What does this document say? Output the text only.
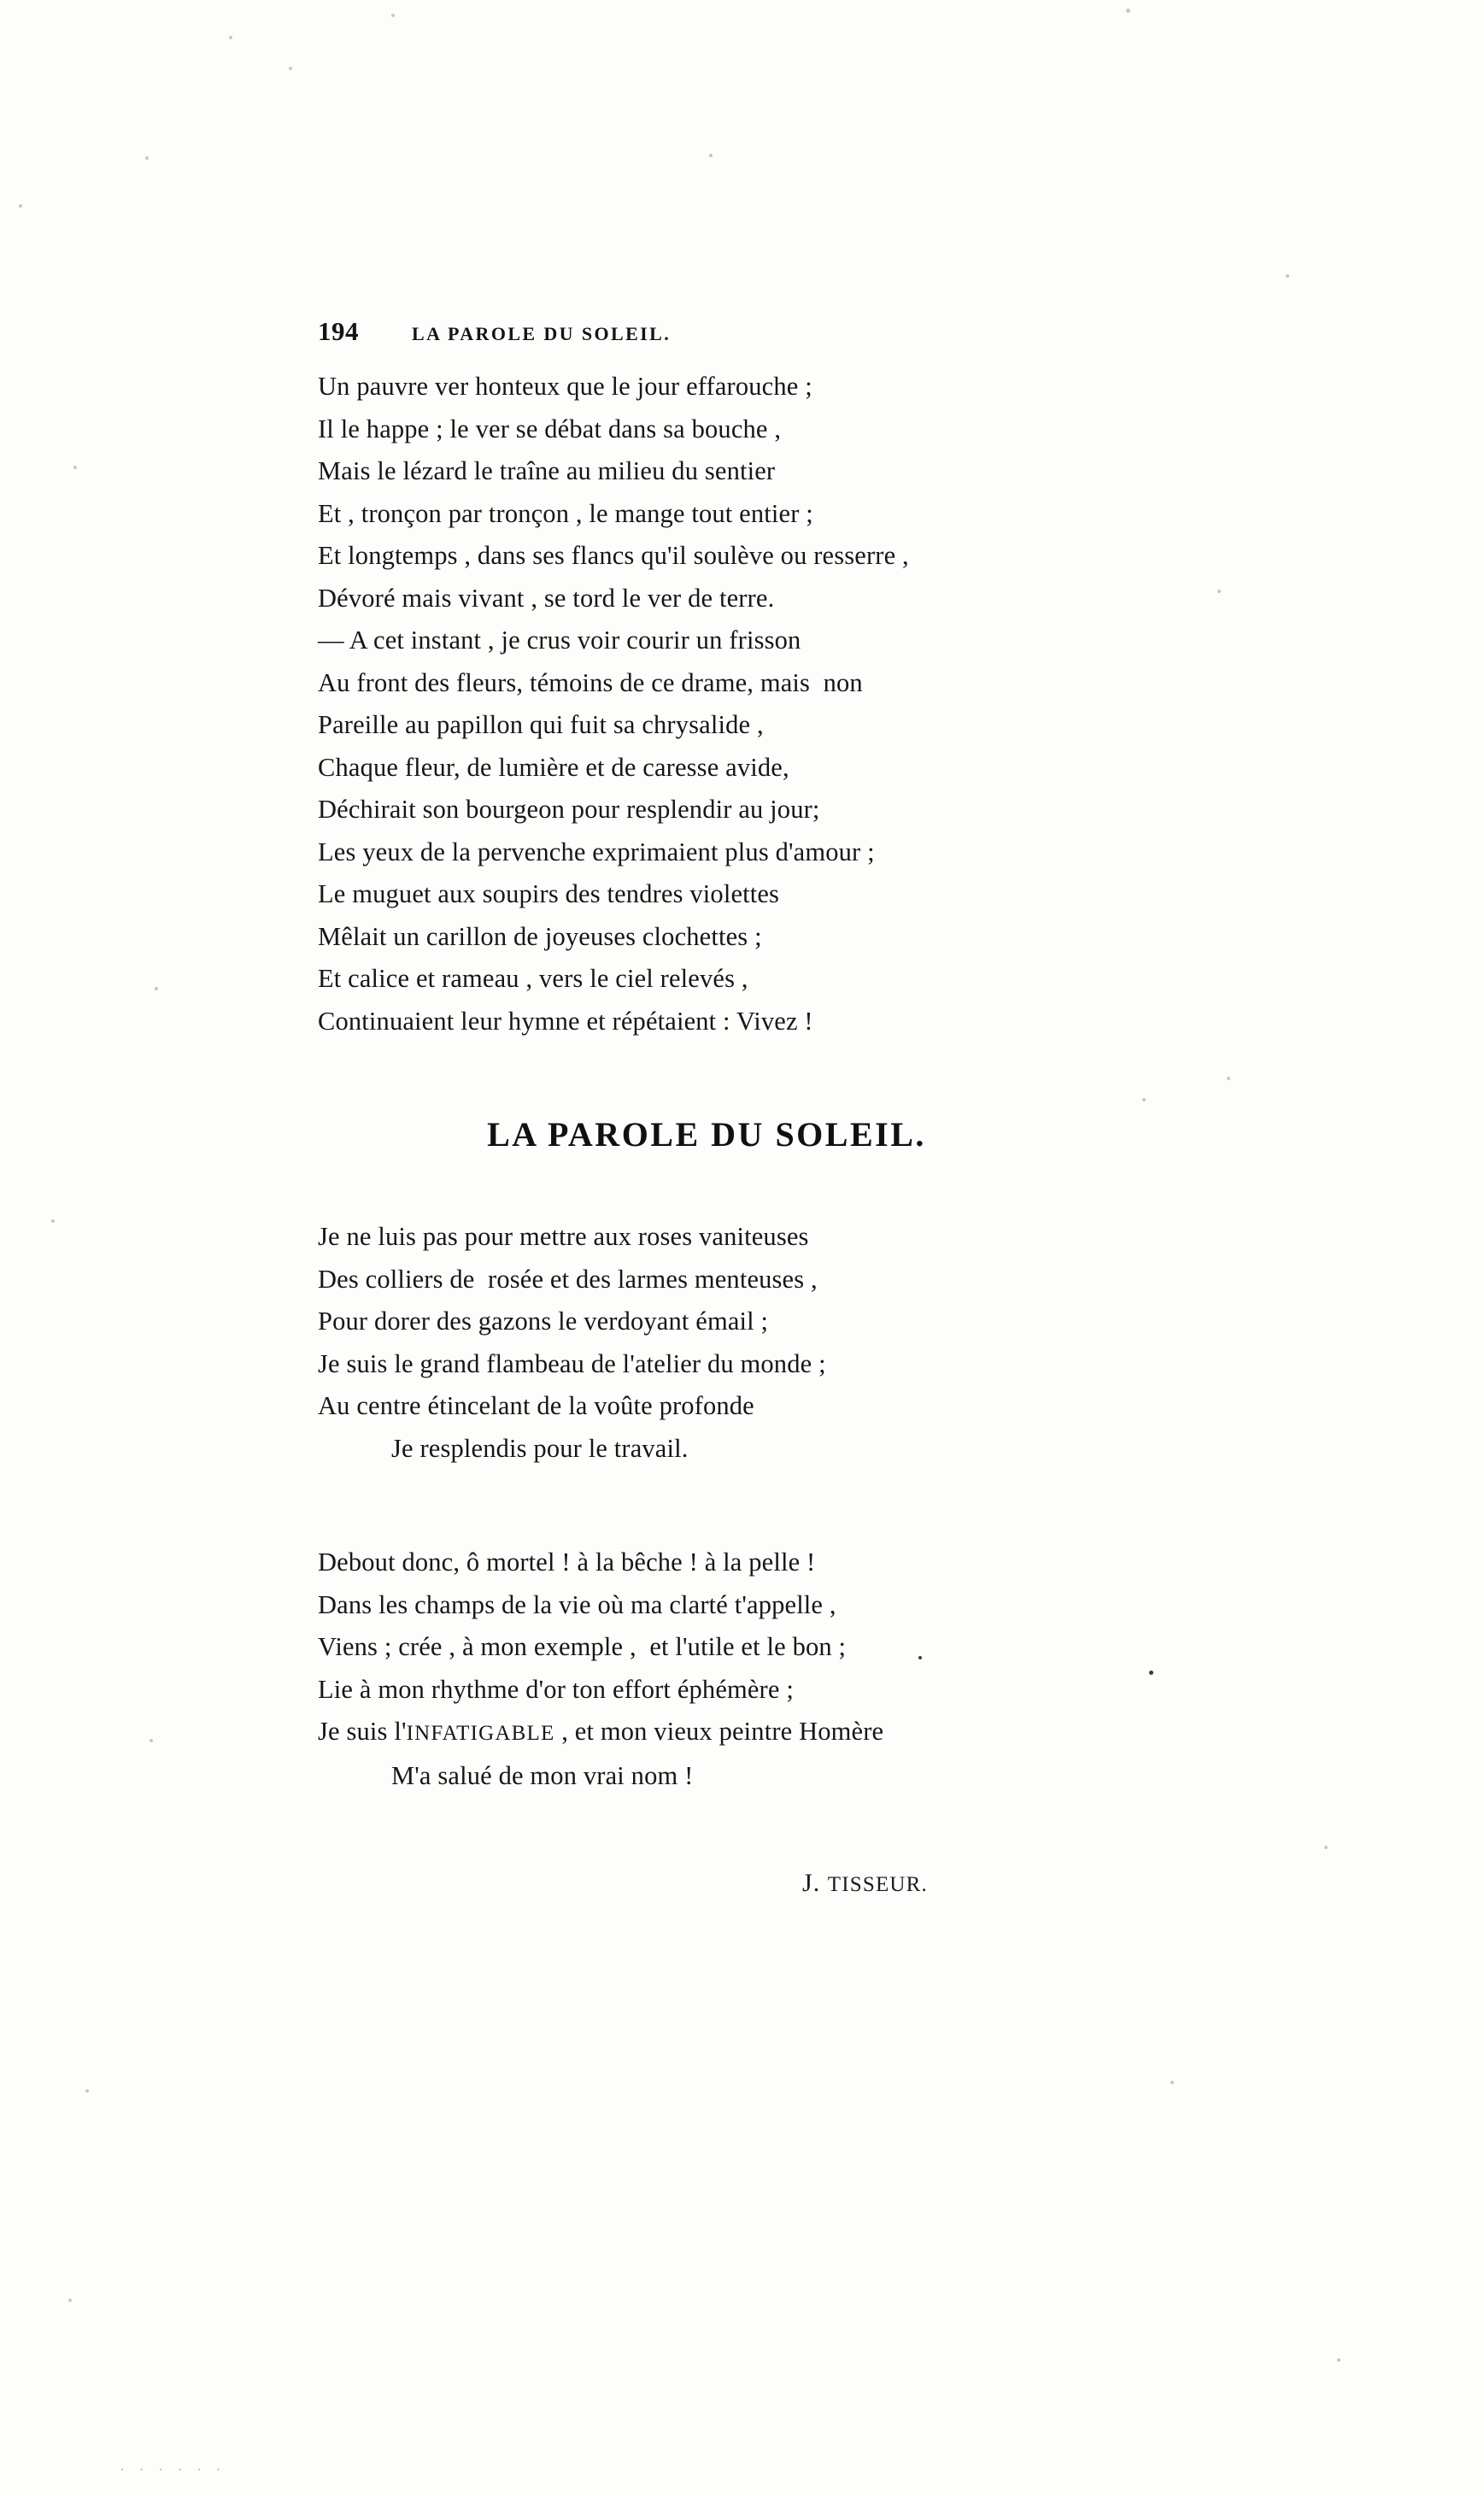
194	LA PAROLE DU SOLEIL.
Un pauvre ver honteux que le jour effarouche ;
Il le happe ; le ver se débat dans sa bouche ,
Mais le lézard le traîne au milieu du sentier
Et , tronçon par tronçon , le mange tout entier ;
Et longtemps , dans ses flancs qu'il soulève ou resserre ,
Dévoré mais vivant , se tord le ver de terre.
— A cet instant , je crus voir courir un frisson
Au front des fleurs, témoins de ce drame, mais  non
Pareille au papillon qui fuit sa chrysalide ,
Chaque fleur, de lumière et de caresse avide,
Déchirait son bourgeon pour resplendir au jour;
Les yeux de la pervenche exprimaient plus d'amour ;
Le muguet aux soupirs des tendres violettes
Mêlait un carillon de joyeuses clochettes ;
Et calice et rameau , vers le ciel relevés ,
Continuaient leur hymne et répétaient : Vivez !
LA PAROLE DU SOLEIL.
Je ne luis pas pour mettre aux roses vaniteuses
Des colliers de  rosée et des larmes menteuses ,
Pour dorer des gazons le verdoyant émail ;
Je suis le grand flambeau de l'atelier du monde ;
Au centre étincelant de la voûte profonde
Je resplendis pour le travail.
Debout donc, ô mortel ! à la bêche ! à la pelle !
Dans les champs de la vie où ma clarté t'appelle ,
Viens ; crée , à mon exemple ,  et l'utile et le bon ;
Lie à mon rhythme d'or ton effort éphémère ;
Je suis l'INFATIGABLE , et mon vieux peintre Homère
M'a salué de mon vrai nom !
J. TISSEUR.
· · · · · ·
